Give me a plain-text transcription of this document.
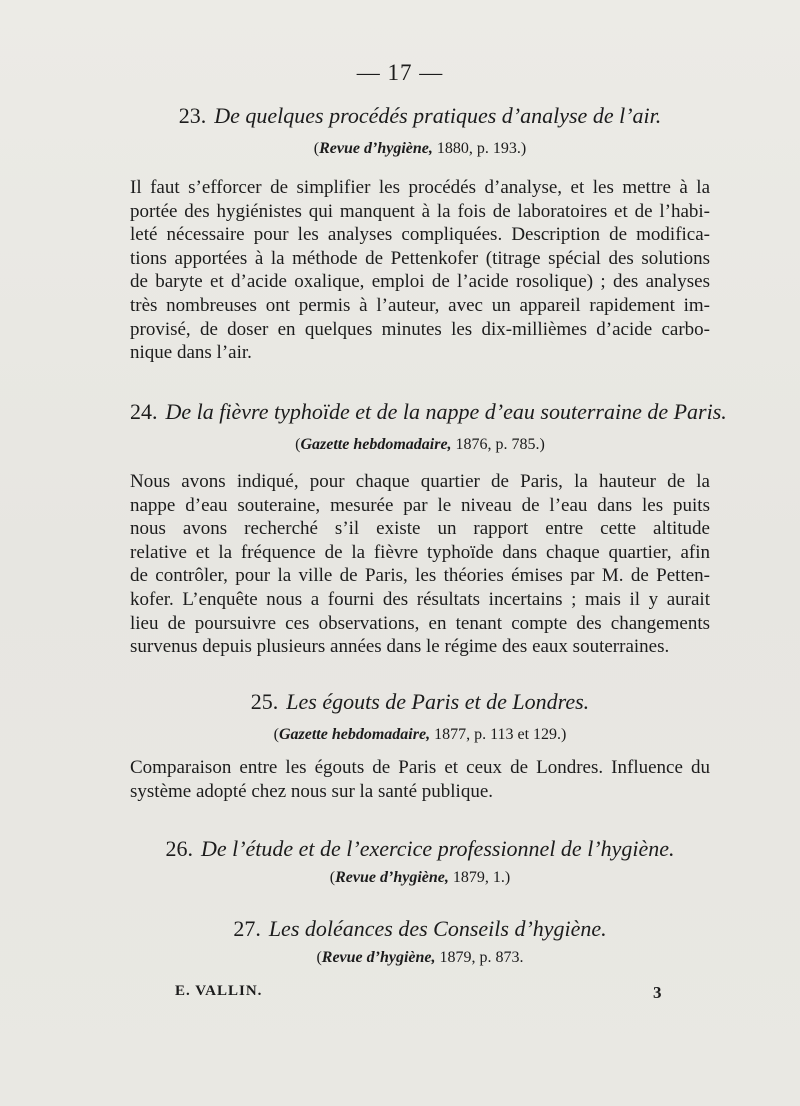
— 17 —
23. De quelques procédés pratiques d’analyse de l’air.
(Revue d’hygiène, 1880, p. 193.)
Il faut s’efforcer de simplifier les procédés d’analyse, et les mettre à la
portée des hygiénistes qui manquent à la fois de laboratoires et de l’habi-
leté nécessaire pour les analyses compliquées. Description de modifica-
tions apportées à la méthode de Pettenkofer (titrage spécial des solutions
de baryte et d’acide oxalique, emploi de l’acide rosolique) ; des analyses
très nombreuses ont permis à l’auteur, avec un appareil rapidement im-
provisé, de doser en quelques minutes les dix-millièmes d’acide carbo-
nique dans l’air.
24. De la fièvre typhoïde et de la nappe d’eau souterraine de Paris.
(Gazette hebdomadaire, 1876, p. 785.)
Nous avons indiqué, pour chaque quartier de Paris, la hauteur de la
nappe d’eau souteraine, mesurée par le niveau de l’eau dans les puits
nous avons recherché s’il existe un rapport entre cette altitude
relative et la fréquence de la fièvre typhoïde dans chaque quartier, afin
de contrôler, pour la ville de Paris, les théories émises par M. de Petten-
kofer. L’enquête nous a fourni des résultats incertains ; mais il y aurait
lieu de poursuivre ces observations, en tenant compte des changements
survenus depuis plusieurs années dans le régime des eaux souterraines.
25. Les égouts de Paris et de Londres.
(Gazette hebdomadaire, 1877, p. 113 et 129.)
Comparaison entre les égouts de Paris et ceux de Londres. Influence du
système adopté chez nous sur la santé publique.
26. De l’étude et de l’exercice professionnel de l’hygiène.
(Revue d’hygiène, 1879, 1.)
27. Les doléances des Conseils d’hygiène.
(Revue d’hygiène, 1879, p. 873.
E. VALLIN.	3
